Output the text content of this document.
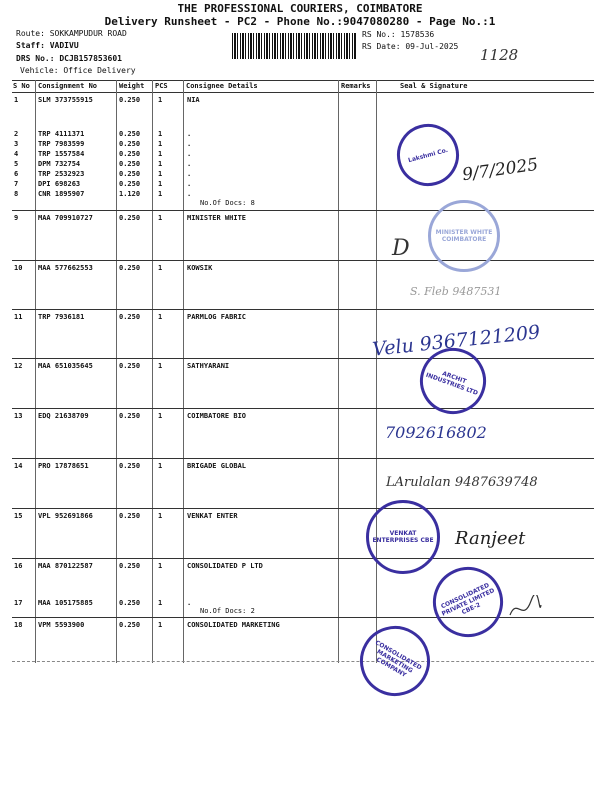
THE PROFESSIONAL COURIERS, COIMBATORE
Delivery Runsheet - PC2 - Phone No.:9047080280 - Page No.:1
Route: SOKKAMPUDUR ROAD
Staff: VADIVU
DRS No.: DCJB157853601
Vehicle: Office Delivery
RS No.: 1578536
RS Date: 09-Jul-2025 1128
S No Consignment No	Weight PCS	Consignee Details	Remarks	Seal & Signature
1	SLM 373755915	0.250	1	NIA
2	TRP 4111371	0.250	1	.
3	TRP 7983599	0.250	1	.
4	TRP 1557584	0.250	1	.
5	DPM 732754	0.250	1	.
6	TRP 2532923	0.250	1	.
7	DPI 698263	0.250	1	.
8	CNR 1895907	1.120	1	.
No.Of Docs: 8
9	MAA 709910727	0.250	1	MINISTER WHITE
10 MAA 577662553	0.250	1	KOWSIK
11 TRP 7936181	0.250	1	PARMLOG FABRIC
12 MAA 651035645	0.250	1	SATHYARANI
13 EDQ 21638709	0.250	1	COIMBATORE BIO
14 PRO 17878651	0.250	1	BRIGADE GLOBAL
15 VPL 952691866	0.250	1	VENKAT ENTER
16 MAA 870122587	0.250	1	CONSOLIDATED P LTD
17 MAA 105175885	0.250	1	.
No.Of Docs: 2
18 VPM 5593900	0.250	1	CONSOLIDATED MARKETING
Lakshmi Co.
MINISTER WHITE COIMBATORE
ARCHIT INDUSTRIES LTD
VENKAT ENTERPRISES CBE
CONSOLIDATED PRIVATE LIMITED CBE-2
CONSOLIDATED MARKETING COMPANY
9/7/2025
D
S. Fleb 9487531
Velu 9367121209
7092616802
LArulalan 9487639748
Ranjeet
